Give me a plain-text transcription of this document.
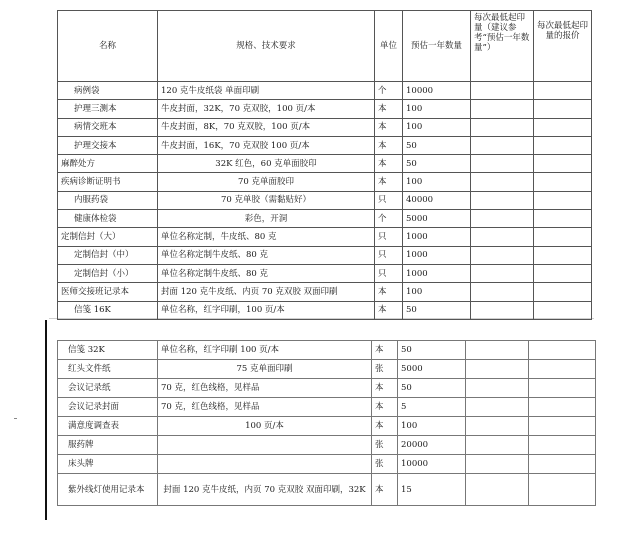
名称	规格、技术要求	单位	预估一年数量	每次最低起印量（建议参考“预估一年数量”）	每次最低起印量的报价
病例袋	120 克牛皮纸袋 单面印刷	个	10000		
护理三测本	牛皮封面，32K，70 克双胶，100 页/本	本	100		
病情交班本	牛皮封面，8K，70 克双胶，100 页/本	本	100		
护理交接本	牛皮封面，16K，70 克双胶 100 页/本	本	50		
麻醉处方	32K 红色，60 克单面胶印	本	50		
疾病诊断证明书	70 克单面胶印	本	100		
内服药袋	70 克单胶（需黏贴好）	只	40000		
健康体检袋	彩色，开洞	个	5000		
定制信封（大）	单位名称定制，牛皮纸、80 克	只	1000		
定制信封（中）	单位名称定制牛皮纸、80 克	只	1000		
定制信封（小）	单位名称定制牛皮纸、80 克	只	1000		
医师交接班记录本	封面 120 克牛皮纸、内页 70 克双胶 双面印刷	本	100		
信笺 16K	单位名称，红字印刷，100 页/本	本	50		
信笺 32K	单位名称，红字印刷 100 页/本	本	50		
红头文件纸	75 克单面印刷	张	5000		
会议记录纸	70 克，红色线格，见样品	本	50		
会议记录封面	70 克，红色线格，见样品	本	5		
满意度调查表	100 页/本	本	100		
服药牌		张	20000		
床头牌		张	10000		
紫外线灯使用记录本	封面 120 克牛皮纸，内页 70 克双胶 双面印刷，32K	本	15		
